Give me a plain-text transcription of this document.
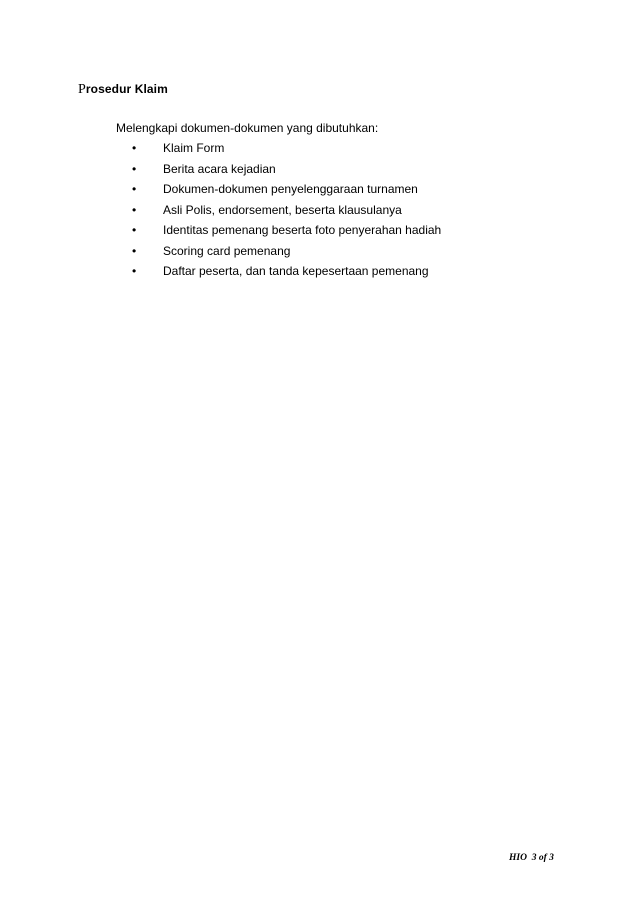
Prosedur Klaim
Melengkapi dokumen-dokumen yang dibutuhkan:
• Klaim Form
• Berita acara kejadian
• Dokumen-dokumen penyelenggaraan turnamen
• Asli Polis, endorsement, beserta klausulanya
• Identitas pemenang beserta foto penyerahan hadiah
• Scoring card pemenang
• Daftar peserta, dan tanda kepesertaan pemenang
HIO  3 of 3
